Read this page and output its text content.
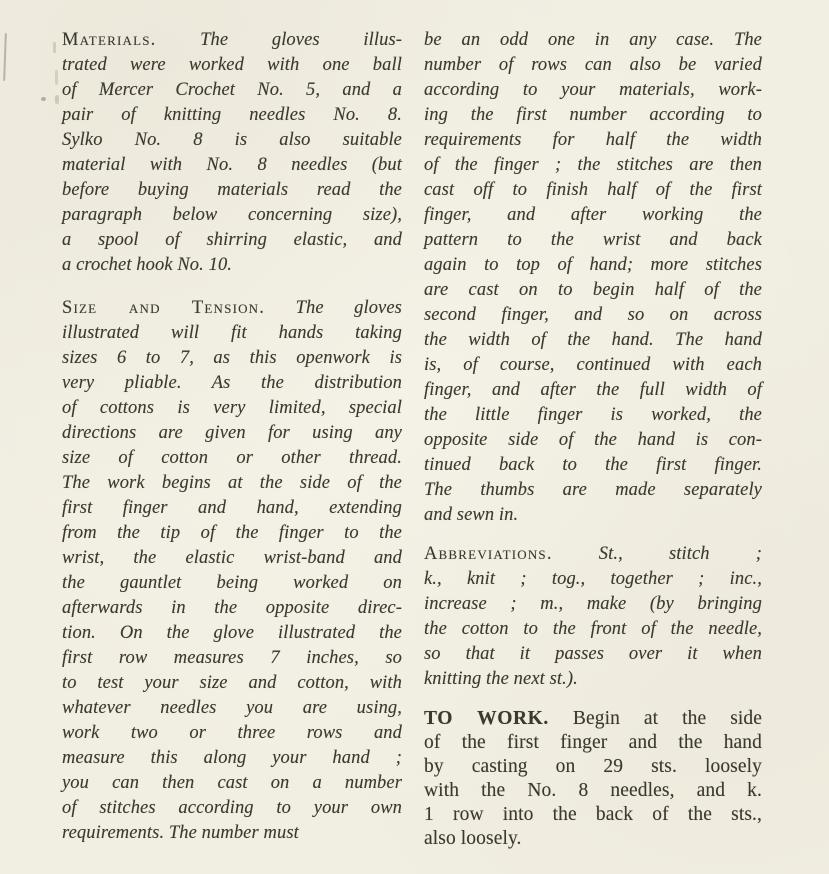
Materials. The gloves illus-
trated were worked with one ball
of Mercer Crochet No. 5, and a
pair of knitting needles No. 8.
Sylko No. 8 is also suitable
material with No. 8 needles (but
before buying materials read the
paragraph below concerning size),
a spool of shirring elastic, and
a crochet hook No. 10.
Size and Tension. The gloves
illustrated will fit hands taking
sizes 6 to 7, as this openwork is
very pliable. As the distribution
of cottons is very limited, special
directions are given for using any
size of cotton or other thread.
The work begins at the side of the
first finger and hand, extending
from the tip of the finger to the
wrist, the elastic wrist-band and
the gauntlet being worked on
afterwards in the opposite direc-
tion. On the glove illustrated the
first row measures 7 inches, so
to test your size and cotton, with
whatever needles you are using,
work two or three rows and
measure this along your hand ;
you can then cast on a number
of stitches according to your own
requirements. The number must
be an odd one in any case. The
number of rows can also be varied
according to your materials, work-
ing the first number according to
requirements for half the width
of the finger ; the stitches are then
cast off to finish half of the first
finger, and after working the
pattern to the wrist and back
again to top of hand; more stitches
are cast on to begin half of the
second finger, and so on across
the width of the hand. The hand
is, of course, continued with each
finger, and after the full width of
the little finger is worked, the
opposite side of the hand is con-
tinued back to the first finger.
The thumbs are made separately
and sewn in.
Abbreviations. St., stitch ;
k., knit ; tog., together ; inc.,
increase ; m., make (by bringing
the cotton to the front of the needle,
so that it passes over it when
knitting the next st.).
TO WORK. Begin at the side
of the first finger and the hand
by casting on 29 sts. loosely
with the No. 8 needles, and k.
1 row into the back of the sts.,
also loosely.
